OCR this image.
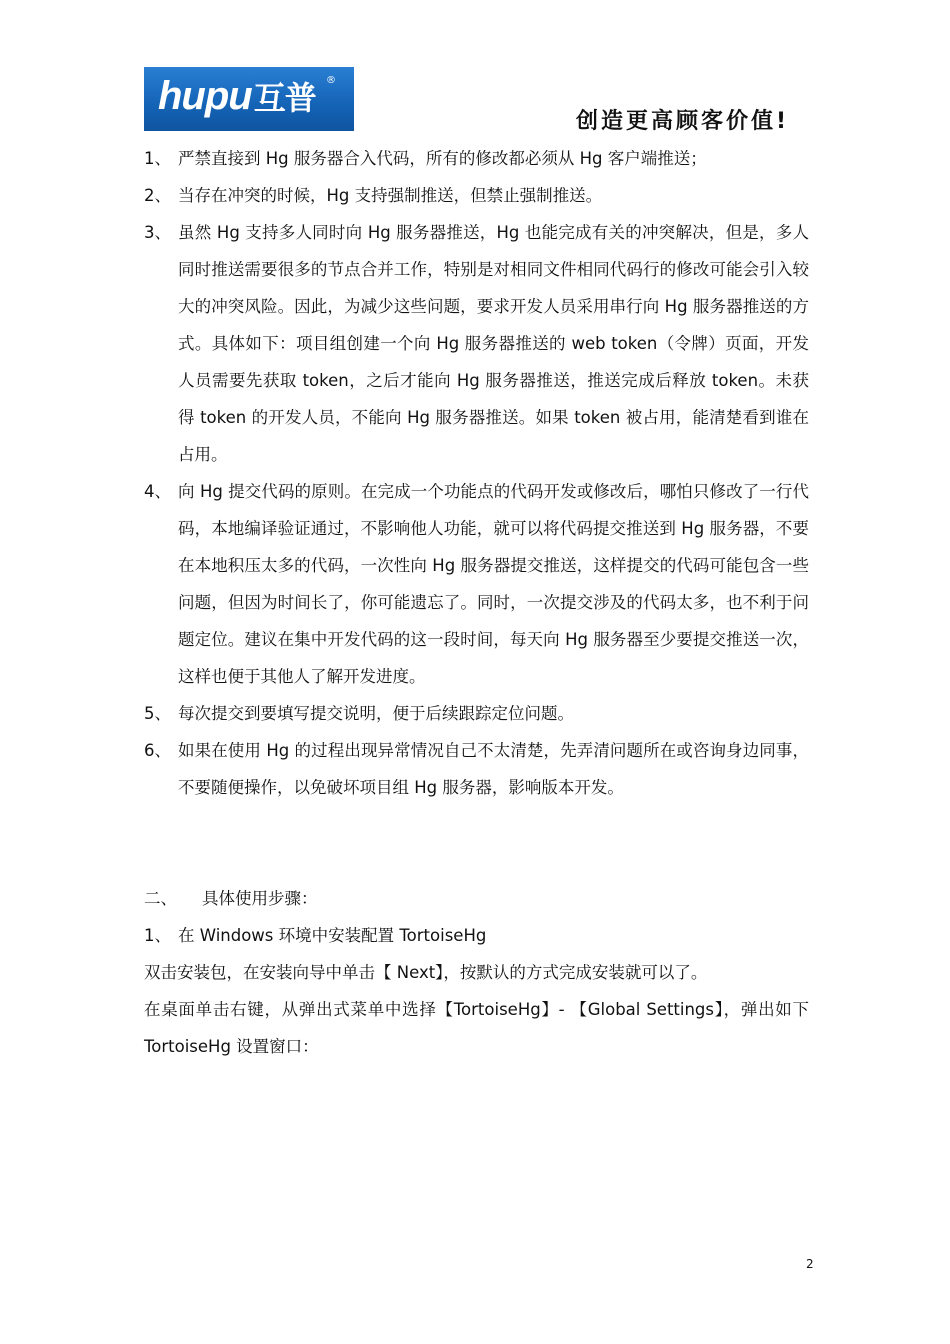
hupu互普 ®
创造更高顾客价值!
1、 严禁直接到 Hg 服务器合入代码，所有的修改都必须从 Hg 客户端推送；
2、 当存在冲突的时候，Hg 支持强制推送，但禁止强制推送。
3、 虽然 Hg 支持多人同时向 Hg 服务器推送，Hg 也能完成有关的冲突解决，但是，多人同时推送需要很多的节点合并工作，特别是对相同文件相同代码行的修改可能会引入较大的冲突风险。因此，为减少这些问题，要求开发人员采用串行向 Hg 服务器推送的方式。具体如下：项目组创建一个向 Hg 服务器推送的 web token（令牌）页面，开发人员需要先获取 token，之后才能向 Hg 服务器推送，推送完成后释放 token。未获得 token 的开发人员，不能向 Hg 服务器推送。如果 token 被占用，能清楚看到谁在占用。
4、 向 Hg 提交代码的原则。在完成一个功能点的代码开发或修改后，哪怕只修改了一行代码，本地编译验证通过，不影响他人功能，就可以将代码提交推送到 Hg 服务器，不要在本地积压太多的代码，一次性向 Hg 服务器提交推送，这样提交的代码可能包含一些问题，但因为时间长了，你可能遗忘了。同时，一次提交涉及的代码太多，也不利于问题定位。建议在集中开发代码的这一段时间，每天向 Hg 服务器至少要提交推送一次，这样也便于其他人了解开发进度。
5、 每次提交到要填写提交说明，便于后续跟踪定位问题。
6、 如果在使用 Hg 的过程出现异常情况自己不太清楚，先弄清问题所在或咨询身边同事，不要随便操作，以免破坏项目组 Hg 服务器，影响版本开发。
二、	具体使用步骤：
1、 在 Windows 环境中安装配置 TortoiseHg

双击安装包，在安装向导中单击【 Next】，按默认的方式完成安装就可以了。

在桌面单击右键，从弹出式菜单中选择【TortoiseHg】- 【Global Settings】，弹出如下 TortoiseHg 设置窗口：

2
